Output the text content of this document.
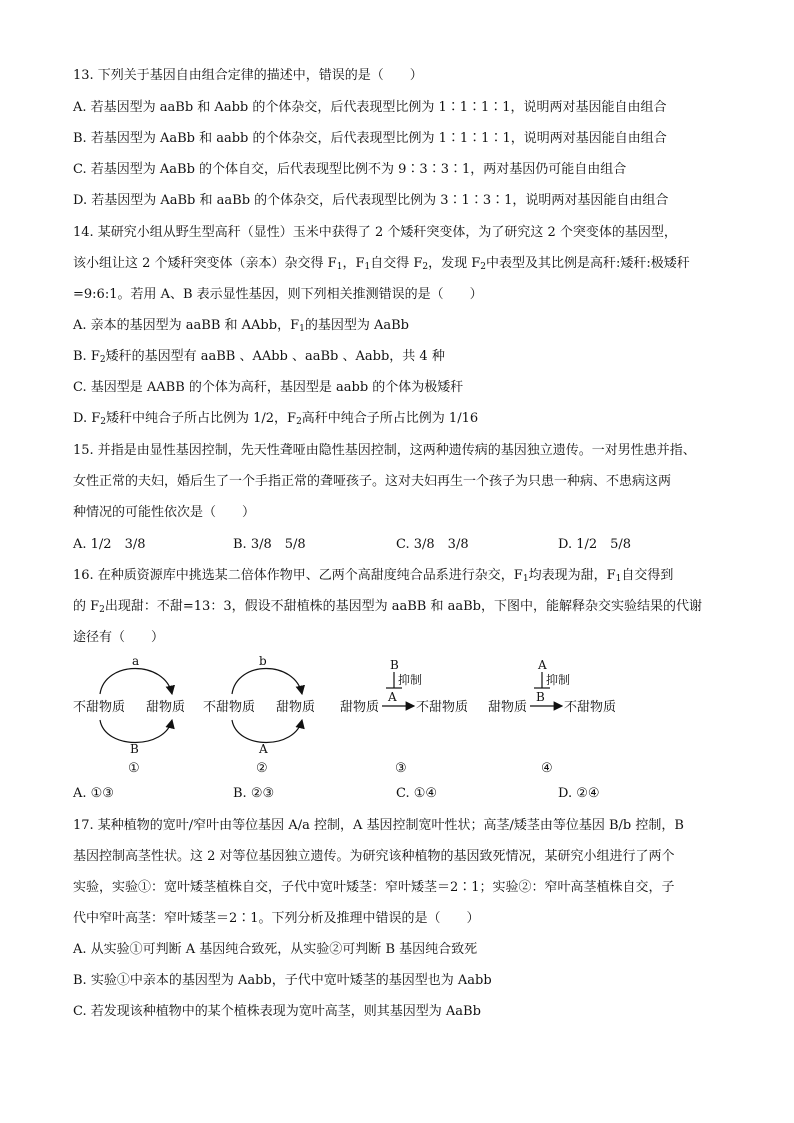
13. 下列关于基因自由组合定律的描述中，错误的是（　　）
A. 若基因型为 aaBb 和 Aabb 的个体杂交，后代表现型比例为 1∶1∶1∶1，说明两对基因能自由组合
B. 若基因型为 AaBb 和 aabb 的个体杂交，后代表现型比例为 1∶1∶1∶1，说明两对基因能自由组合
C. 若基因型为 AaBb 的个体自交，后代表现型比例不为 9∶3∶3∶1，两对基因仍可能自由组合
D. 若基因型为 AaBb 和 aaBb 的个体杂交，后代表现型比例为 3∶1∶3∶1，说明两对基因能自由组合
14. 某研究小组从野生型高秆（显性）玉米中获得了 2 个矮秆突变体，为了研究这 2 个突变体的基因型，
该小组让这 2 个矮秆突变体（亲本）杂交得 $F_1$，$F_1$自交得 $F_2$，发现 $F_2$中表型及其比例是高秆:矮秆:极矮秆
=9:6:1。若用 A、B 表示显性基因，则下列相关推测错误的是（　　）
A. 亲本的基因型为 aaBB 和 AAbb，$F_1$的基因型为 AaBb
B. $F_2$矮秆的基因型有 aaBB 、AAbb 、aaBb 、Aabb，共 4 种
C. 基因型是 AABB 的个体为高秆，基因型是 aabb 的个体为极矮秆
D. $F_2$矮秆中纯合子所占比例为 1/2，$F_2$高秆中纯合子所占比例为 1/16
15. 并指是由显性基因控制，先天性聋哑由隐性基因控制，这两种遗传病的基因独立遗传。一对男性患并指、
女性正常的夫妇，婚后生了一个手指正常的聋哑孩子。这对夫妇再生一个孩子为只患一种病、不患病这两
种情况的可能性依次是（　　）
A. 1/2　3/8	B. 3/8　5/8	C. 3/8　3/8	D. 1/2　5/8
16. 在种质资源库中挑选某二倍体作物甲、乙两个高甜度纯合品系进行杂交，$F_1$均表现为甜，$F_1$自交得到
的 $F_2$出现甜：不甜=13：3，假设不甜植株的基因型为 aaBB 和 aaBb，下图中，能解释杂交实验结果的代谢
途径有（　　）
a
不甜物质 甜物质
B
①
b
不甜物质 甜物质
A
②
B
抑制
A
甜物质	不甜物质
③
A
抑制
B
甜物质	不甜物质
④
A. ①③	B. ②③	C. ①④	D. ②④
17. 某种植物的宽叶/窄叶由等位基因 A/a 控制，A 基因控制宽叶性状；高茎/矮茎由等位基因 B/b 控制，B
基因控制高茎性状。这 2 对等位基因独立遗传。为研究该种植物的基因致死情况，某研究小组进行了两个
实验，实验①：宽叶矮茎植株自交，子代中宽叶矮茎：窄叶矮茎＝2∶1；实验②：窄叶高茎植株自交，子
代中窄叶高茎：窄叶矮茎＝2∶1。下列分析及推理中错误的是（　　）
A. 从实验①可判断 A 基因纯合致死，从实验②可判断 B 基因纯合致死
B. 实验①中亲本的基因型为 Aabb，子代中宽叶矮茎的基因型也为 Aabb
C. 若发现该种植物中的某个植株表现为宽叶高茎，则其基因型为 AaBb
